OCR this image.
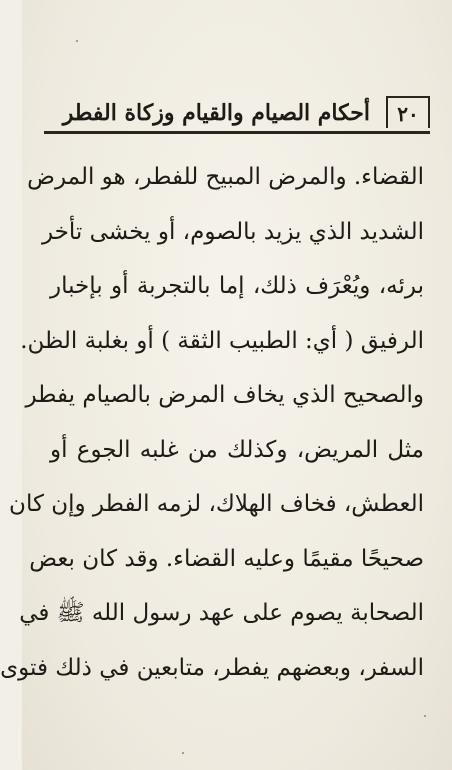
٢٠
أحكام الصيام والقيام وزكاة الفطر
القضاء. والمرض المبيح للفطر، هو المرض
الشديد الذي يزيد بالصوم، أو يخشى تأخر
برئه، ويُعْرَف ذلك، إما بالتجربة أو بإخبار
الرفيق ( أي: الطبيب الثقة ) أو بغلبة الظن.
والصحيح الذي يخاف المرض بالصيام يفطر
مثل المريض، وكذلك من غلبه الجوع أو
العطش، فخاف الهلاك، لزمه الفطر وإن كان
صحيحًا مقيمًا وعليه القضاء. وقد كان بعض
الصحابة يصوم على عهد رسول الله ﷺ في
السفر، وبعضهم يفطر، متابعين في ذلك فتوى
